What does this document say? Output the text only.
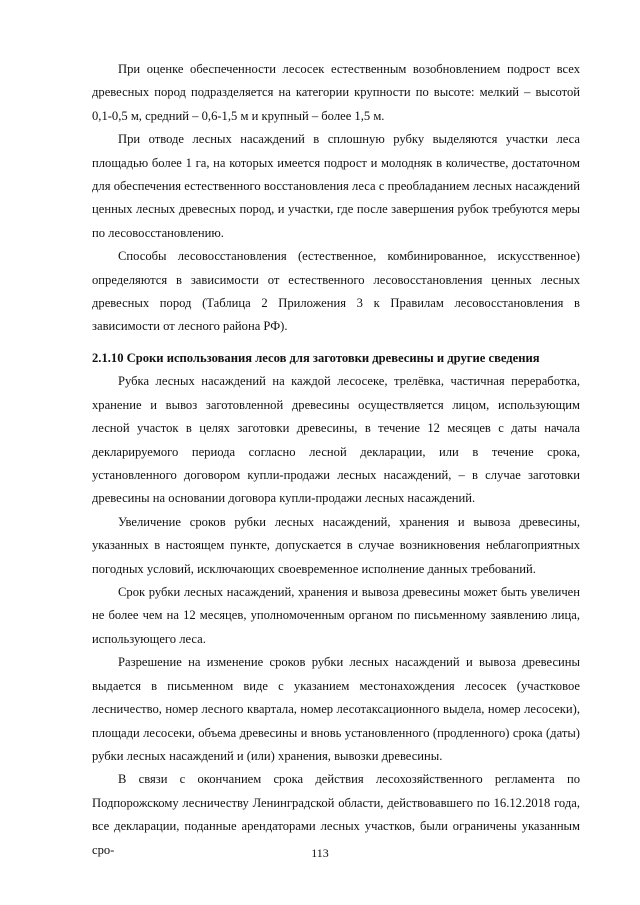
При оценке обеспеченности лесосек естественным возобновлением подрост всех древесных пород подразделяется на категории крупности по высоте: мелкий – высотой 0,1-0,5 м, средний – 0,6-1,5 м и крупный – более 1,5 м.

При отводе лесных насаждений в сплошную рубку выделяются участки леса площадью более 1 га, на которых имеется подрост и молодняк в количестве, достаточном для обеспечения естественного восстановления леса с преобладанием лесных насаждений ценных лесных древесных пород, и участки, где после завершения рубок требуются меры по лесовосстановлению.

Способы лесовосстановления (естественное, комбинированное, искусственное) определяются в зависимости от естественного лесовосстановления ценных лесных древесных пород (Таблица 2 Приложения 3 к Правилам лесовосстановления в зависимости от лесного района РФ).

2.1.10 Сроки использования лесов для заготовки древесины и другие сведения

Рубка лесных насаждений на каждой лесосеке, трелёвка, частичная переработка, хранение и вывоз заготовленной древесины осуществляется лицом, использующим лесной участок в целях заготовки древесины, в течение 12 месяцев с даты начала декларируемого периода согласно лесной декларации, или в течение срока, установленного договором купли-продажи лесных насаждений, – в случае заготовки древесины на основании договора купли-продажи лесных насаждений.

Увеличение сроков рубки лесных насаждений, хранения и вывоза древесины, указанных в настоящем пункте, допускается в случае возникновения неблагоприятных погодных условий, исключающих своевременное исполнение данных требований.

Срок рубки лесных насаждений, хранения и вывоза древесины может быть увеличен не более чем на 12 месяцев, уполномоченным органом по письменному заявлению лица, использующего леса.

Разрешение на изменение сроков рубки лесных насаждений и вывоза древесины выдается в письменном виде с указанием местонахождения лесосек (участковое лесничество, номер лесного квартала, номер лесотаксационного выдела, номер лесосеки), площади лесосеки, объема древесины и вновь установленного (продленного) срока (даты) рубки лесных насаждений и (или) хранения, вывозки древесины.

В связи с окончанием срока действия лесохозяйственного регламента по Подпорожскому лесничеству Ленинградской области, действовавшего по 16.12.2018 года, все декларации, поданные арендаторами лесных участков, были ограничены указанным сро-	113
